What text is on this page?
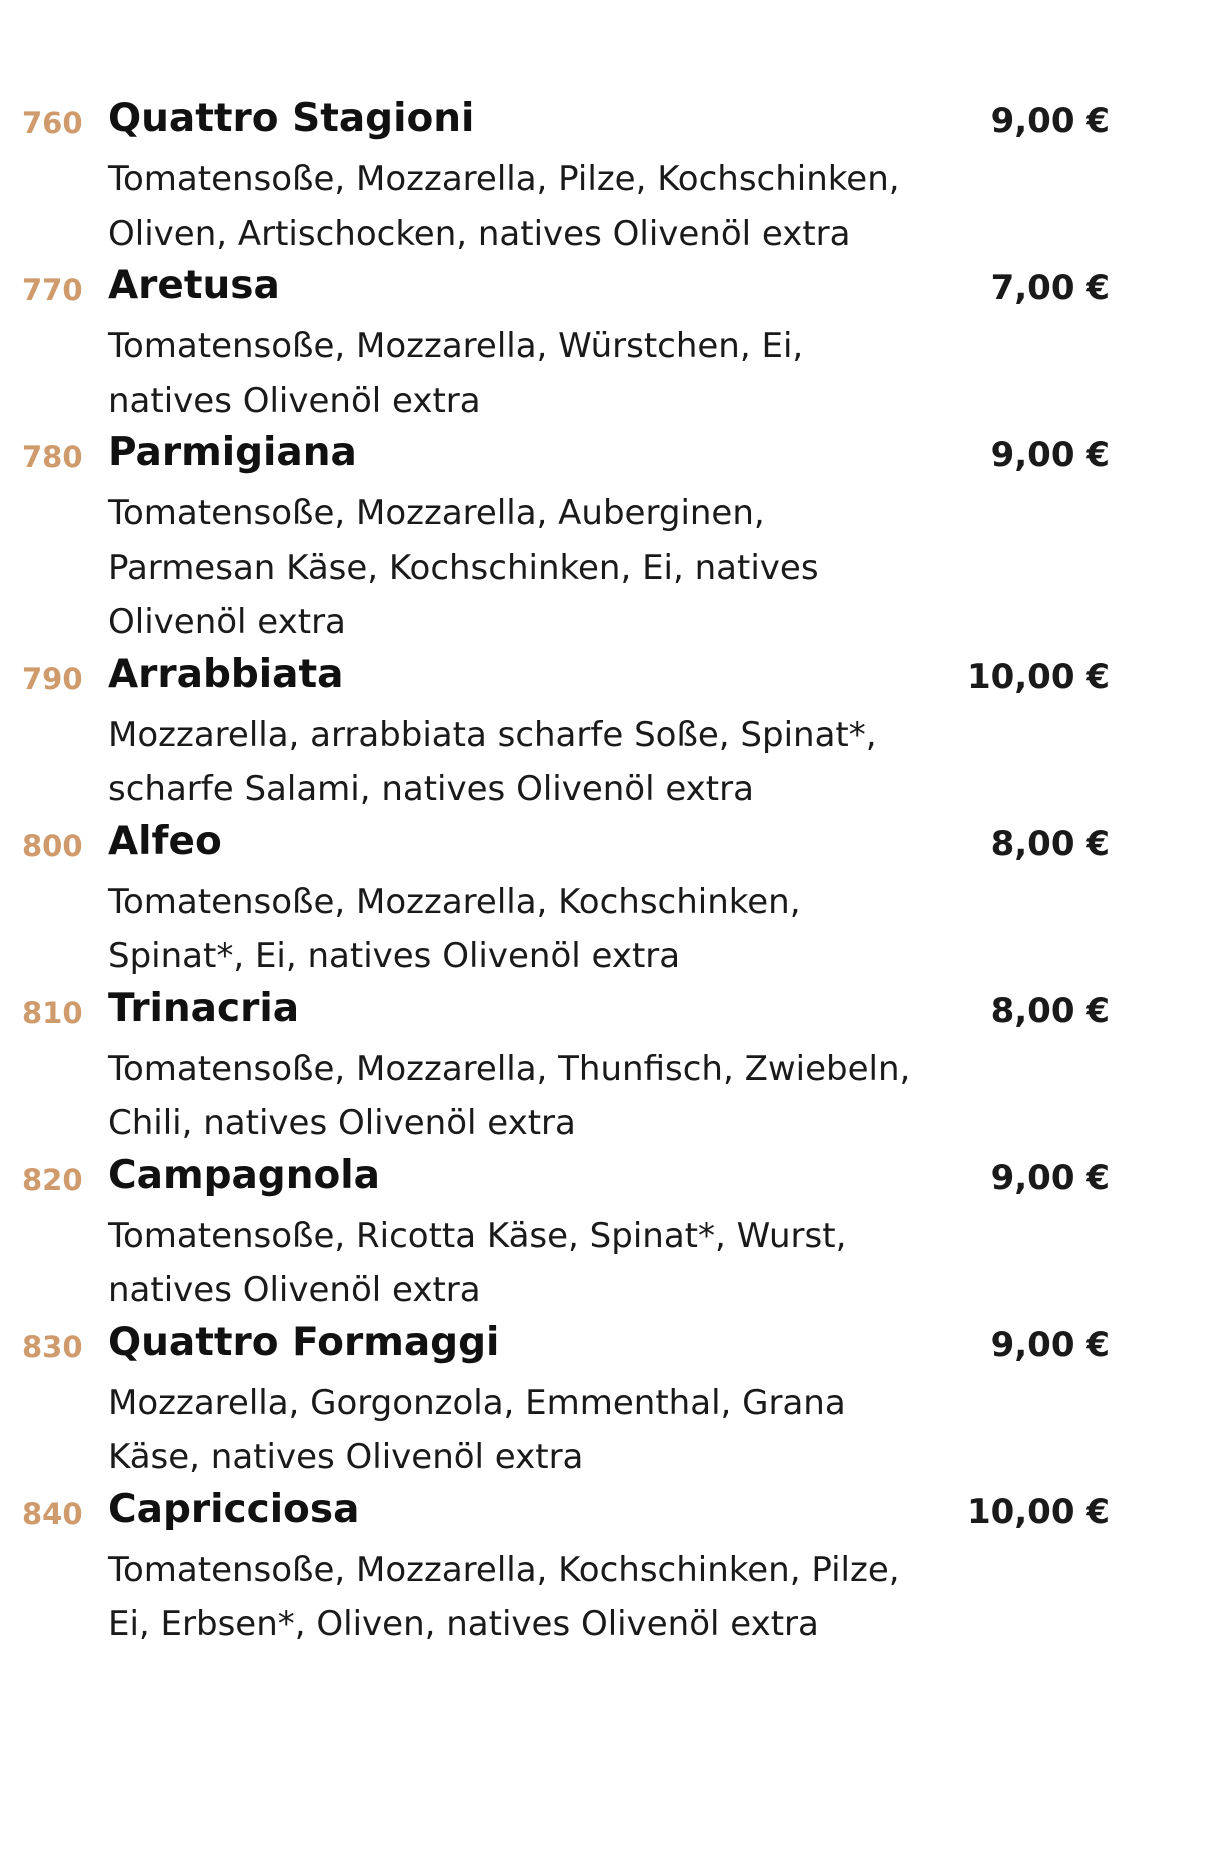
760 Quattro Stagioni	9,00 €
Tomatensoße, Mozzarella, Pilze, Kochschinken,
Oliven, Artischocken, natives Olivenöl extra
770 Aretusa	7,00 €
Tomatensoße, Mozzarella, Würstchen, Ei,
natives Olivenöl extra
780 Parmigiana	9,00 €
Tomatensoße, Mozzarella, Auberginen,
Parmesan Käse, Kochschinken, Ei, natives
Olivenöl extra
790 Arrabbiata	10,00 €
Mozzarella, arrabbiata scharfe Soße, Spinat*,
scharfe Salami, natives Olivenöl extra
800 Alfeo	8,00 €
Tomatensoße, Mozzarella, Kochschinken,
Spinat*, Ei, natives Olivenöl extra
810 Trinacria	8,00 €
Tomatensoße, Mozzarella, Thunfisch, Zwiebeln,
Chili, natives Olivenöl extra
820 Campagnola	9,00 €
Tomatensoße, Ricotta Käse, Spinat*, Wurst,
natives Olivenöl extra
830 Quattro Formaggi	9,00 €
Mozzarella, Gorgonzola, Emmenthal, Grana
Käse, natives Olivenöl extra
840 Capricciosa	10,00 €
Tomatensoße, Mozzarella, Kochschinken, Pilze,
Ei, Erbsen*, Oliven, natives Olivenöl extra
